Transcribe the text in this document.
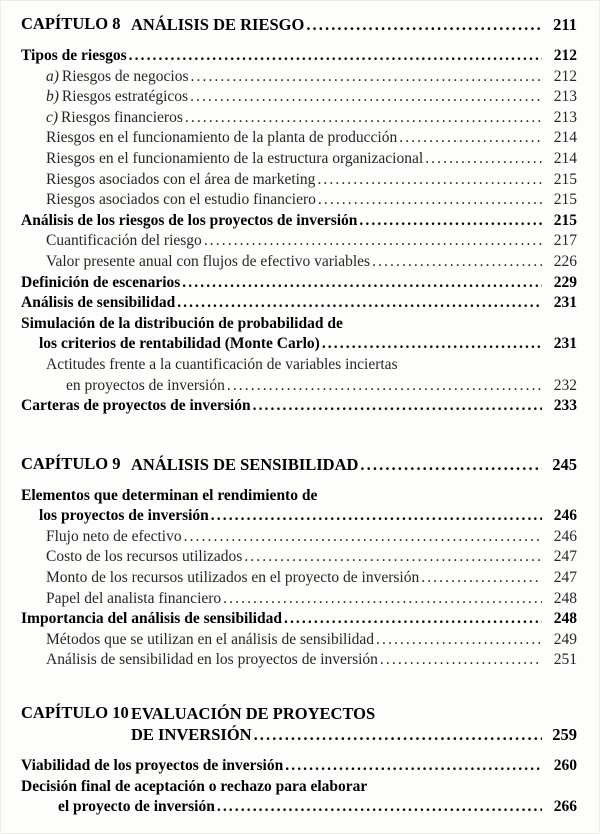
CAPÍTULO 8 ANÁLISIS DE RIESGO .....	211
Tipos de riesgos .....	212
a) Riesgos de negocios .....	212
b) Riesgos estratégicos .....	213
c) Riesgos financieros .....	213
Riesgos en el funcionamiento de la planta de producción .....	214
Riesgos en el funcionamiento de la estructura organizacional .....	214
Riesgos asociados con el área de marketing .....	215
Riesgos asociados con el estudio financiero .....	215
Análisis de los riesgos de los proyectos de inversión .....	215
Cuantificación del riesgo .....	217
Valor presente anual con flujos de efectivo variables .....	226
Definición de escenarios .....	229
Análisis de sensibilidad .....	231
Simulación de la distribución de probabilidad de
los criterios de rentabilidad (Monte Carlo) .....	231
Actitudes frente a la cuantificación de variables inciertas
en proyectos de inversión .....	232
Carteras de proyectos de inversión .....	233
CAPÍTULO 9 ANÁLISIS DE SENSIBILIDAD .....	245
Elementos que determinan el rendimiento de
los proyectos de inversión .....	246
Flujo neto de efectivo .....	246
Costo de los recursos utilizados .....	247
Monto de los recursos utilizados en el proyecto de inversión .....	247
Papel del analista financiero .....	248
Importancia del análisis de sensibilidad .....	248
Métodos que se utilizan en el análisis de sensibilidad .....	249
Análisis de sensibilidad en los proyectos de inversión .....	251
CAPÍTULO 10 EVALUACIÓN DE PROYECTOS
DE INVERSIÓN .....	259
Viabilidad de los proyectos de inversión .....	260
Decisión final de aceptación o rechazo para elaborar
el proyecto de inversión .....	266
